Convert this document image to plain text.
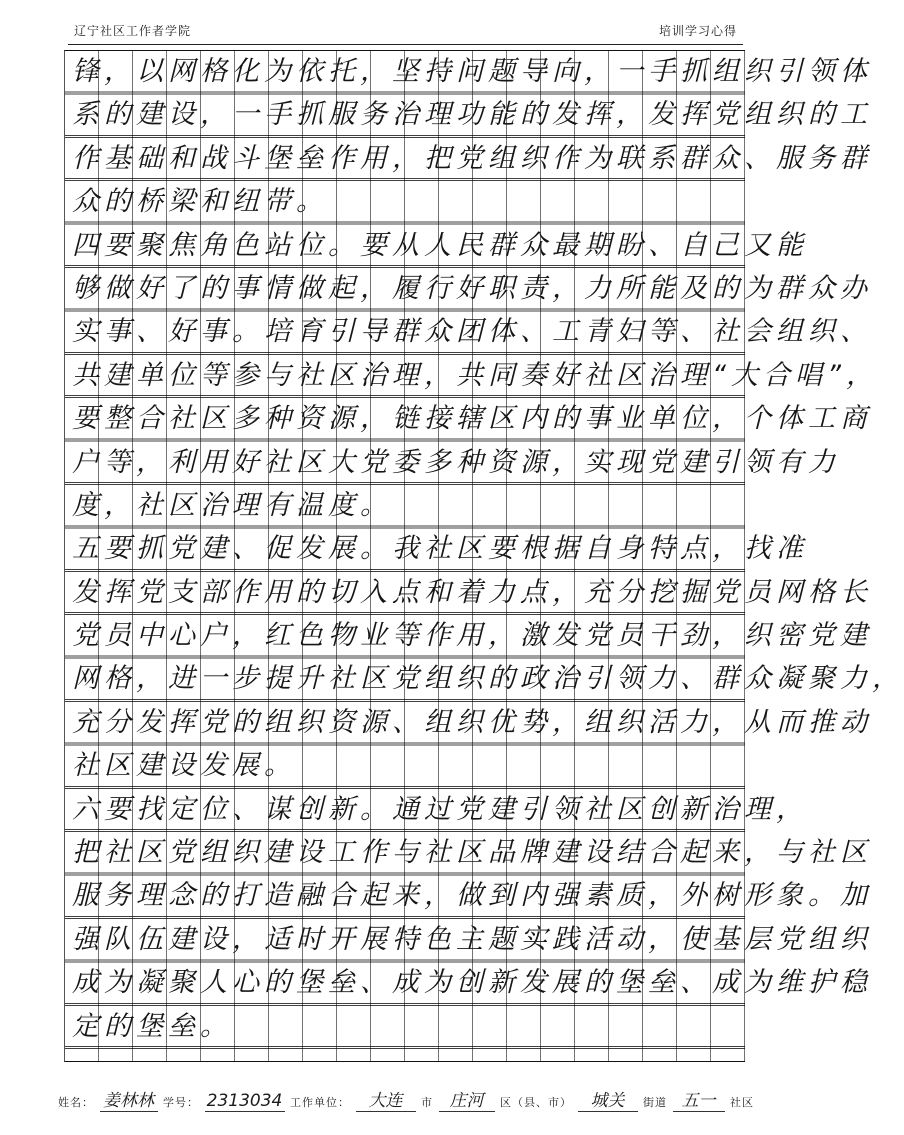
辽宁社区工作者学院	培训学习心得
锋，以网格化为依托，坚持问题导向，一手抓组织引领体
系的建设，一手抓服务治理功能的发挥，发挥党组织的工
作基础和战斗堡垒作用，把党组织作为联系群众、服务群
众的桥梁和纽带。
四要聚焦角色站位。要从人民群众最期盼、自己又能
够做好了的事情做起，履行好职责，力所能及的为群众办
实事、好事。培育引导群众团体、工青妇等、社会组织、
共建单位等参与社区治理，共同奏好社区治理“大合唱”，
要整合社区多种资源，链接辖区内的事业单位，个体工商
户等，利用好社区大党委多种资源，实现党建引领有力
度，社区治理有温度。
五要抓党建、促发展。我社区要根据自身特点，找准
发挥党支部作用的切入点和着力点，充分挖掘党员网格长
党员中心户，红色物业等作用，激发党员干劲，织密党建
网格，进一步提升社区党组织的政治引领力、群众凝聚力，
充分发挥党的组织资源、组织优势，组织活力，从而推动
社区建设发展。
六要找定位、谋创新。通过党建引领社区创新治理，
把社区党组织建设工作与社区品牌建设结合起来，与社区
服务理念的打造融合起来，做到内强素质，外树形象。加
强队伍建设，适时开展特色主题实践活动，使基层党组织
成为凝聚人心的堡垒、成为创新发展的堡垒、成为维护稳
定的堡垒。
姓名： 姜林林 学号： 2313034 工作单位： 大连 市 庄河 区（县、市） 城关 街道 五一 社区
